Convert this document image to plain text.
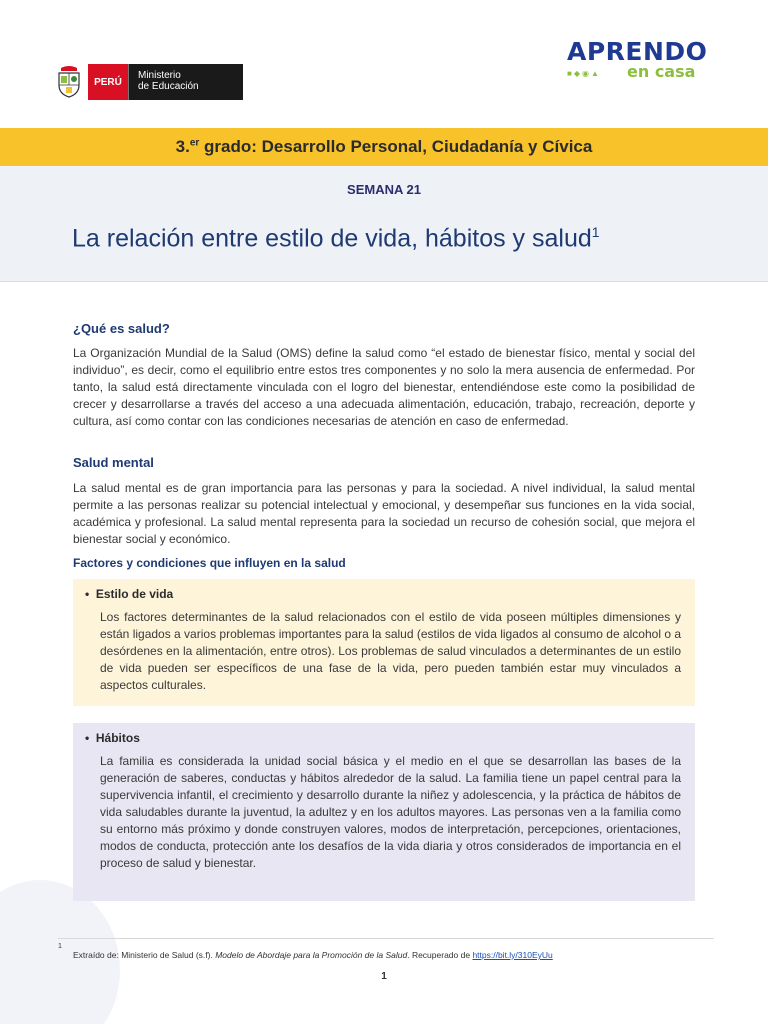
PERÚ
Ministerio
de Educación
APRENDO
■◆◉▲ en casa
3.$^{er}$ grado: Desarrollo Personal, Ciudadanía y Cívica
SEMANA 21
La relación entre estilo de vida, hábitos y salud$^1$
¿Qué es salud?
La Organización Mundial de la Salud (OMS) define la salud como “el estado de bienestar físico, mental y social del individuo”, es decir, como el equilibrio entre estos tres componentes y no solo la mera ausencia de enfermedad. Por tanto, la salud está directamente vinculada con el logro del bienestar, entendiéndose este como la posibilidad de crecer y desarrollarse a través del acceso a una adecuada alimentación, educación, trabajo, recreación, deporte y cultura, así como contar con las condiciones necesarias de atención en caso de enfermedad.
Salud mental
La salud mental es de gran importancia para las personas y para la sociedad. A nivel individual, la salud mental permite a las personas realizar su potencial intelectual y emocional, y desempeñar sus funciones en la vida social, académica y profesional. La salud mental representa para la sociedad un recurso de cohesión social, que mejora el bienestar social y económico.
Factores y condiciones que influyen en la salud
• Estilo de vida
Los factores determinantes de la salud relacionados con el estilo de vida poseen múltiples dimensiones y están ligados a varios problemas importantes para la salud (estilos de vida ligados al consumo de alcohol o a desórdenes en la alimentación, entre otros). Los problemas de salud vinculados a determinantes de un estilo de vida pueden ser específicos de una fase de la vida, pero pueden también estar muy vinculados a aspectos culturales.
• Hábitos
La familia es considerada la unidad social básica y el medio en el que se desarrollan las bases de la generación de saberes, conductas y hábitos alrededor de la salud. La familia tiene un papel central para la supervivencia infantil, el crecimiento y desarrollo durante la niñez y adolescencia, y la práctica de hábitos de vida saludables durante la juventud, la adultez y en los adultos mayores. Las personas ven a la familia como su entorno más próximo y donde construyen valores, modos de interpretación, percepciones, orientaciones, modos de conducta, protección ante los desafíos de la vida diaria y otros considerados de importancia en el proceso de salud y bienestar.
1
Extraído de: Ministerio de Salud (s.f). Modelo de Abordaje para la Promoción de la Salud. Recuperado de https://bit.ly/310EyUu
1
